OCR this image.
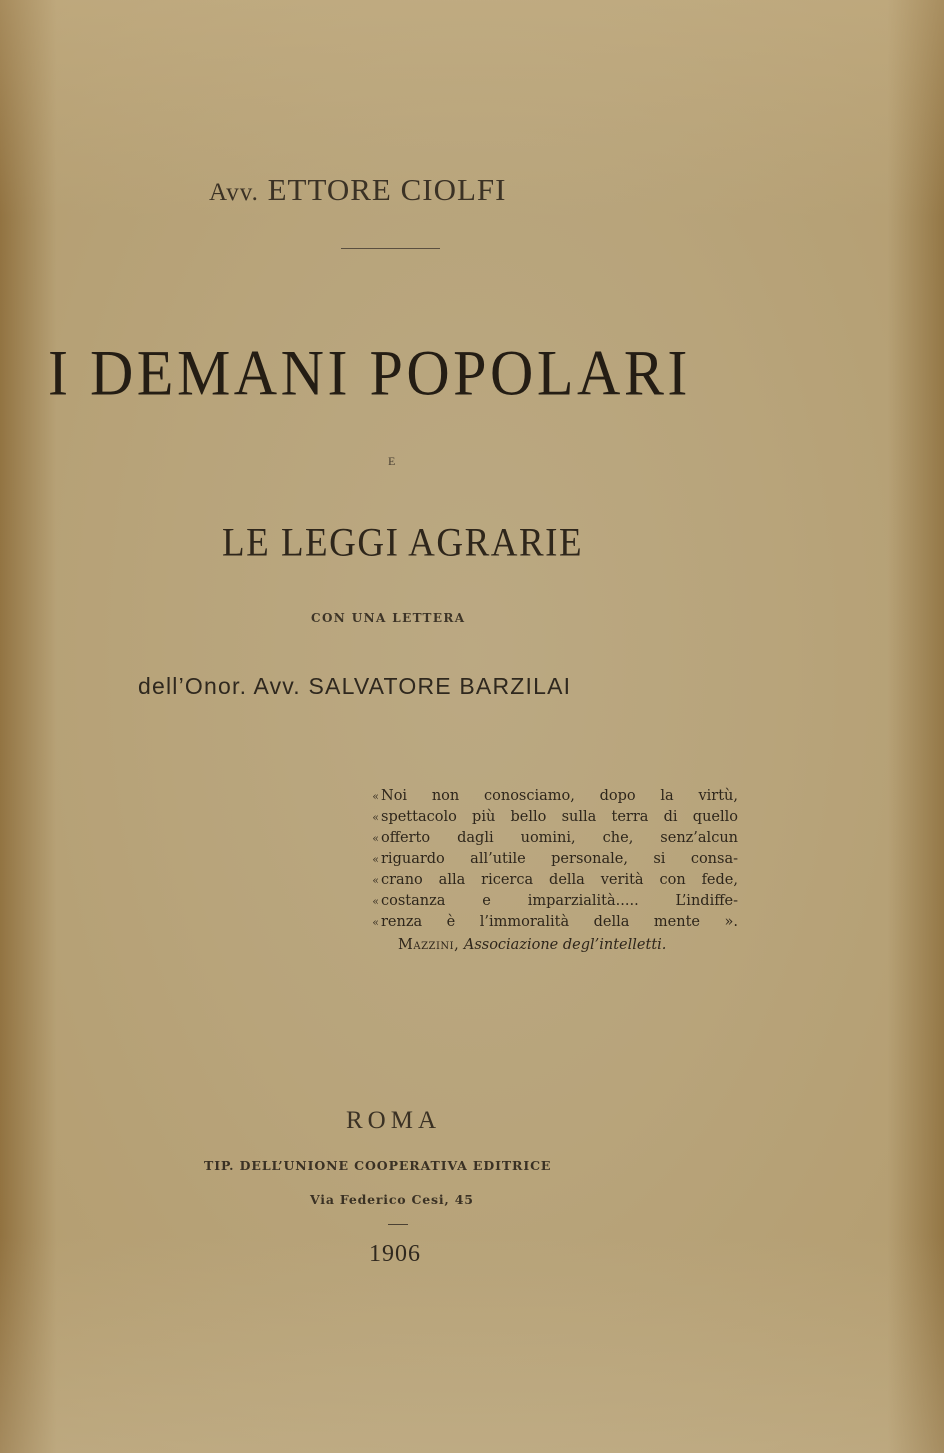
Avv. ETTORE CIOLFI

I DEMANI POPOLARI

E

LE LEGGI AGRARIE

CON UNA LETTERA

dell’Onor. Avv. SALVATORE BARZILAI

« Noi non conosciamo, dopo la virtù,
« spettacolo più bello sulla terra di quello
« offerto dagli uomini, che, senz’alcun
« riguardo all’utile personale, si consa-
« crano alla ricerca della verità con fede,
« costanza e imparzialità..... L’indiffe-
« renza è l’immoralità della mente ».
Mazzini, Associazione degl’intelletti.

ROMA

TIP. DELL’UNIONE COOPERATIVA EDITRICE

Via Federico Cesi, 45

1906
